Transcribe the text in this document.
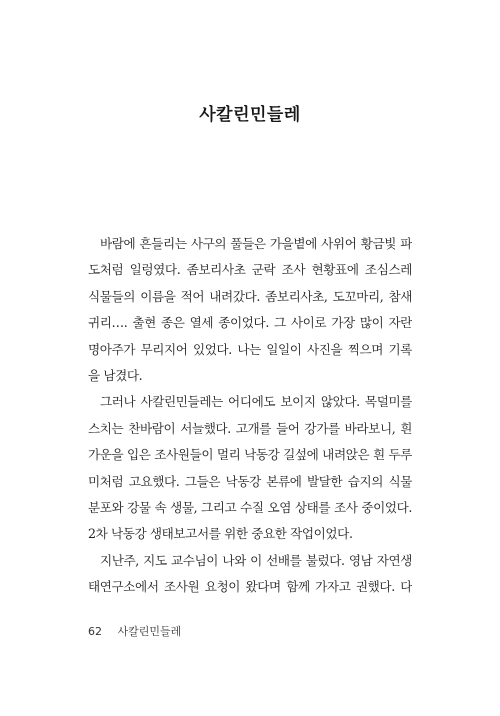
사칼린민들레
바람에 흔들리는 사구의 풀들은 가을볕에 사위어 황금빛 파
도처럼 일렁였다. 좀보리사초 군락 조사 현황표에 조심스레
식물들의 이름을 적어 내려갔다. 좀보리사초, 도꼬마리, 참새
귀리…. 출현 종은 열세 종이었다. 그 사이로 가장 많이 자란
명아주가 무리지어 있었다. 나는 일일이 사진을 찍으며 기록
을 남겼다.
그러나 사칼린민들레는 어디에도 보이지 않았다. 목덜미를
스치는 찬바람이 서늘했다. 고개를 들어 강가를 바라보니, 흰
가운을 입은 조사원들이 멀리 낙동강 길섶에 내려앉은 흰 두루
미처럼 고요했다. 그들은 낙동강 본류에 발달한 습지의 식물
분포와 강물 속 생물, 그리고 수질 오염 상태를 조사 중이었다.
2차 낙동강 생태보고서를 위한 중요한 작업이었다.
지난주, 지도 교수님이 나와 이 선배를 불렀다. 영남 자연생
태연구소에서 조사원 요청이 왔다며 함께 가자고 권했다. 다
62 사칼린민들레
